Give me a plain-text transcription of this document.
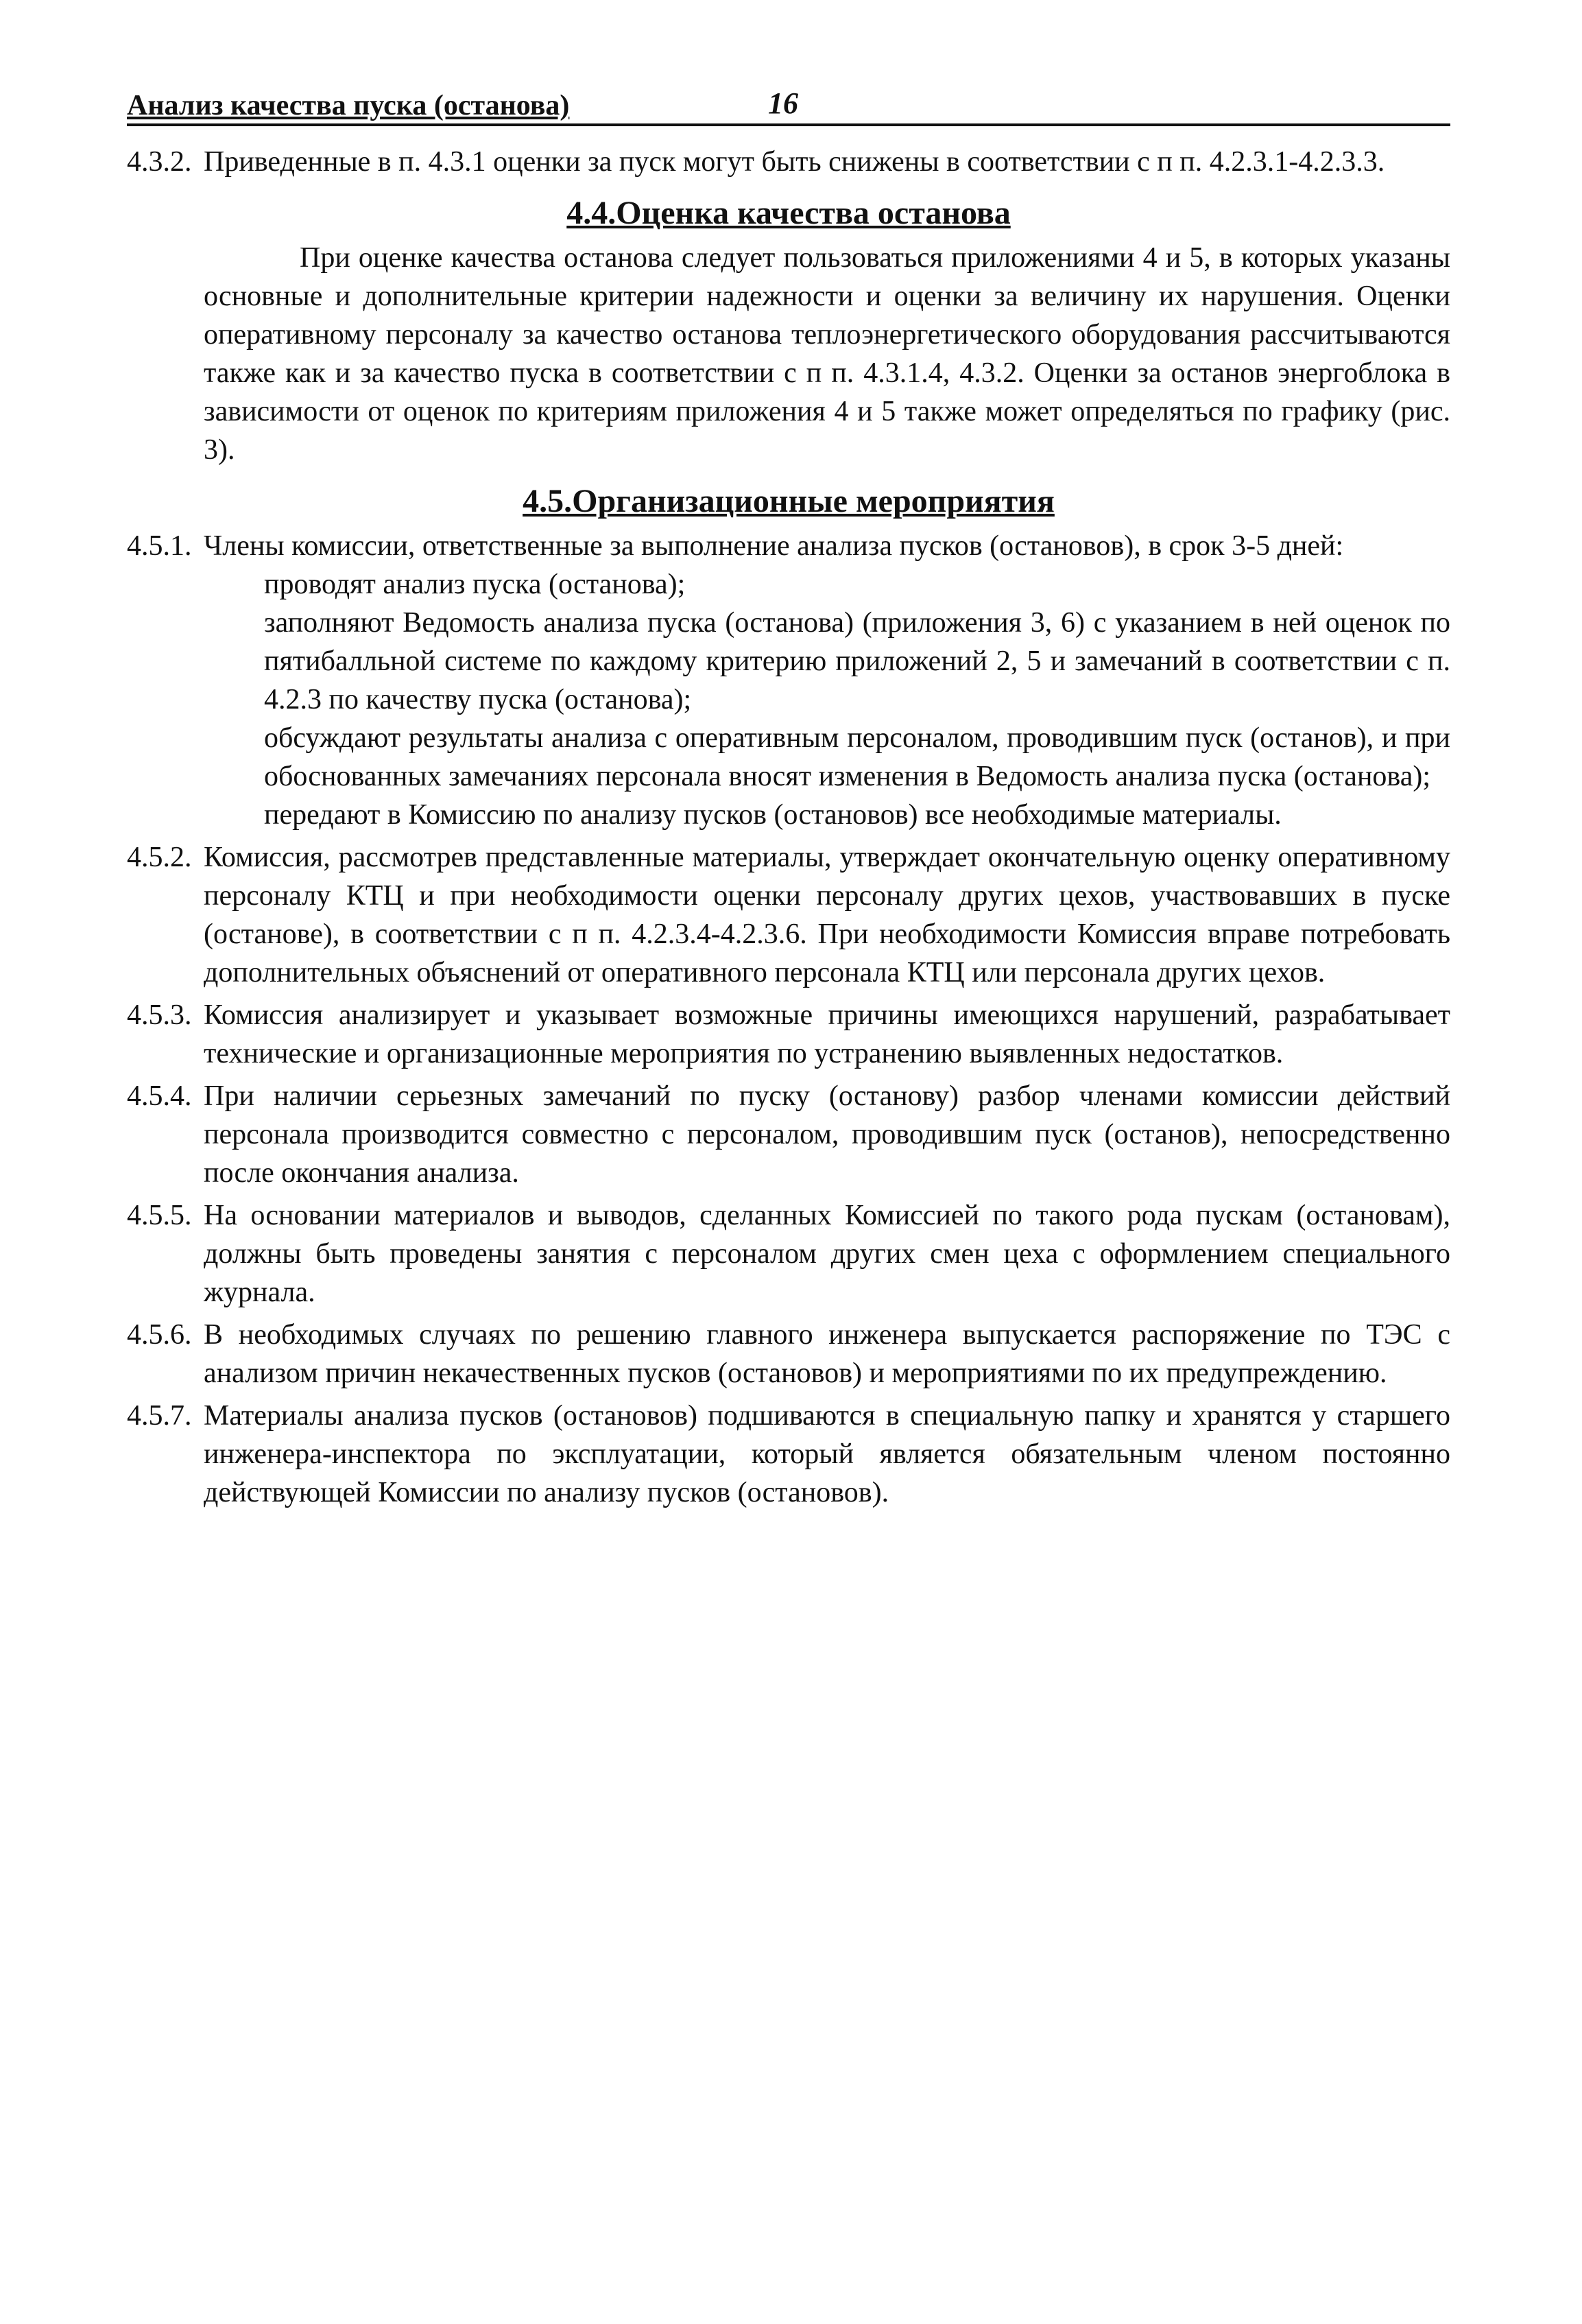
Анализ качества пуска (останова)	16
4.3.2. Приведенные в п. 4.3.1 оценки за пуск могут быть снижены в соответствии с п п. 4.2.3.1-4.2.3.3.
4.4.Оценка качества останова
При оценке качества останова следует пользоваться приложениями 4 и 5, в которых указаны основные и дополнительные критерии надежности и оценки за величину их нарушения. Оценки оперативному персоналу за качество останова теплоэнергетического оборудования рассчитываются также как и за качество пуска в соответствии с п п. 4.3.1.4, 4.3.2. Оценки за останов энергоблока в зависимости от оценок по критериям приложения 4 и 5 также может определяться по графику (рис. 3).
4.5.Организационные мероприятия
4.5.1. Члены комиссии, ответственные за выполнение анализа пусков (остановов), в срок 3-5 дней:
проводят анализ пуска (останова);
заполняют Ведомость анализа пуска (останова) (приложения 3, 6) с указанием в ней оценок по пятибалльной системе по каждому критерию приложений 2, 5 и замечаний в соответствии с п. 4.2.3 по качеству пуска (останова);
обсуждают результаты анализа с оперативным персоналом, проводившим пуск (останов), и при обоснованных замечаниях персонала вносят изменения в Ведомость анализа пуска (останова);
передают в Комиссию по анализу пусков (остановов) все необходимые материалы.
4.5.2. Комиссия, рассмотрев представленные материалы, утверждает окончательную оценку оперативному персоналу КТЦ и при необходимости оценки персоналу других цехов, участвовавших в пуске (останове), в соответствии с п п. 4.2.3.4-4.2.3.6. При необходимости Комиссия вправе потребовать дополнительных объяснений от оперативного персонала КТЦ или персонала других цехов.
4.5.3. Комиссия анализирует и указывает возможные причины имеющихся нарушений, разрабатывает технические и организационные мероприятия по устранению выявленных недостатков.
4.5.4. При наличии серьезных замечаний по пуску (останову) разбор членами комиссии действий персонала производится совместно с персоналом, проводившим пуск (останов), непосредственно после окончания анализа.
4.5.5. На основании материалов и выводов, сделанных Комиссией по такого рода пускам (остановам), должны быть проведены занятия с персоналом других смен цеха с оформлением специального журнала.
4.5.6. В необходимых случаях по решению главного инженера выпускается распоряжение по ТЭС с анализом причин некачественных пусков (остановов) и мероприятиями по их предупреждению.
4.5.7. Материалы анализа пусков (остановов) подшиваются в специальную папку и хранятся у старшего инженера-инспектора по эксплуатации, который является обязательным членом постоянно действующей Комиссии по анализу пусков (остановов).
